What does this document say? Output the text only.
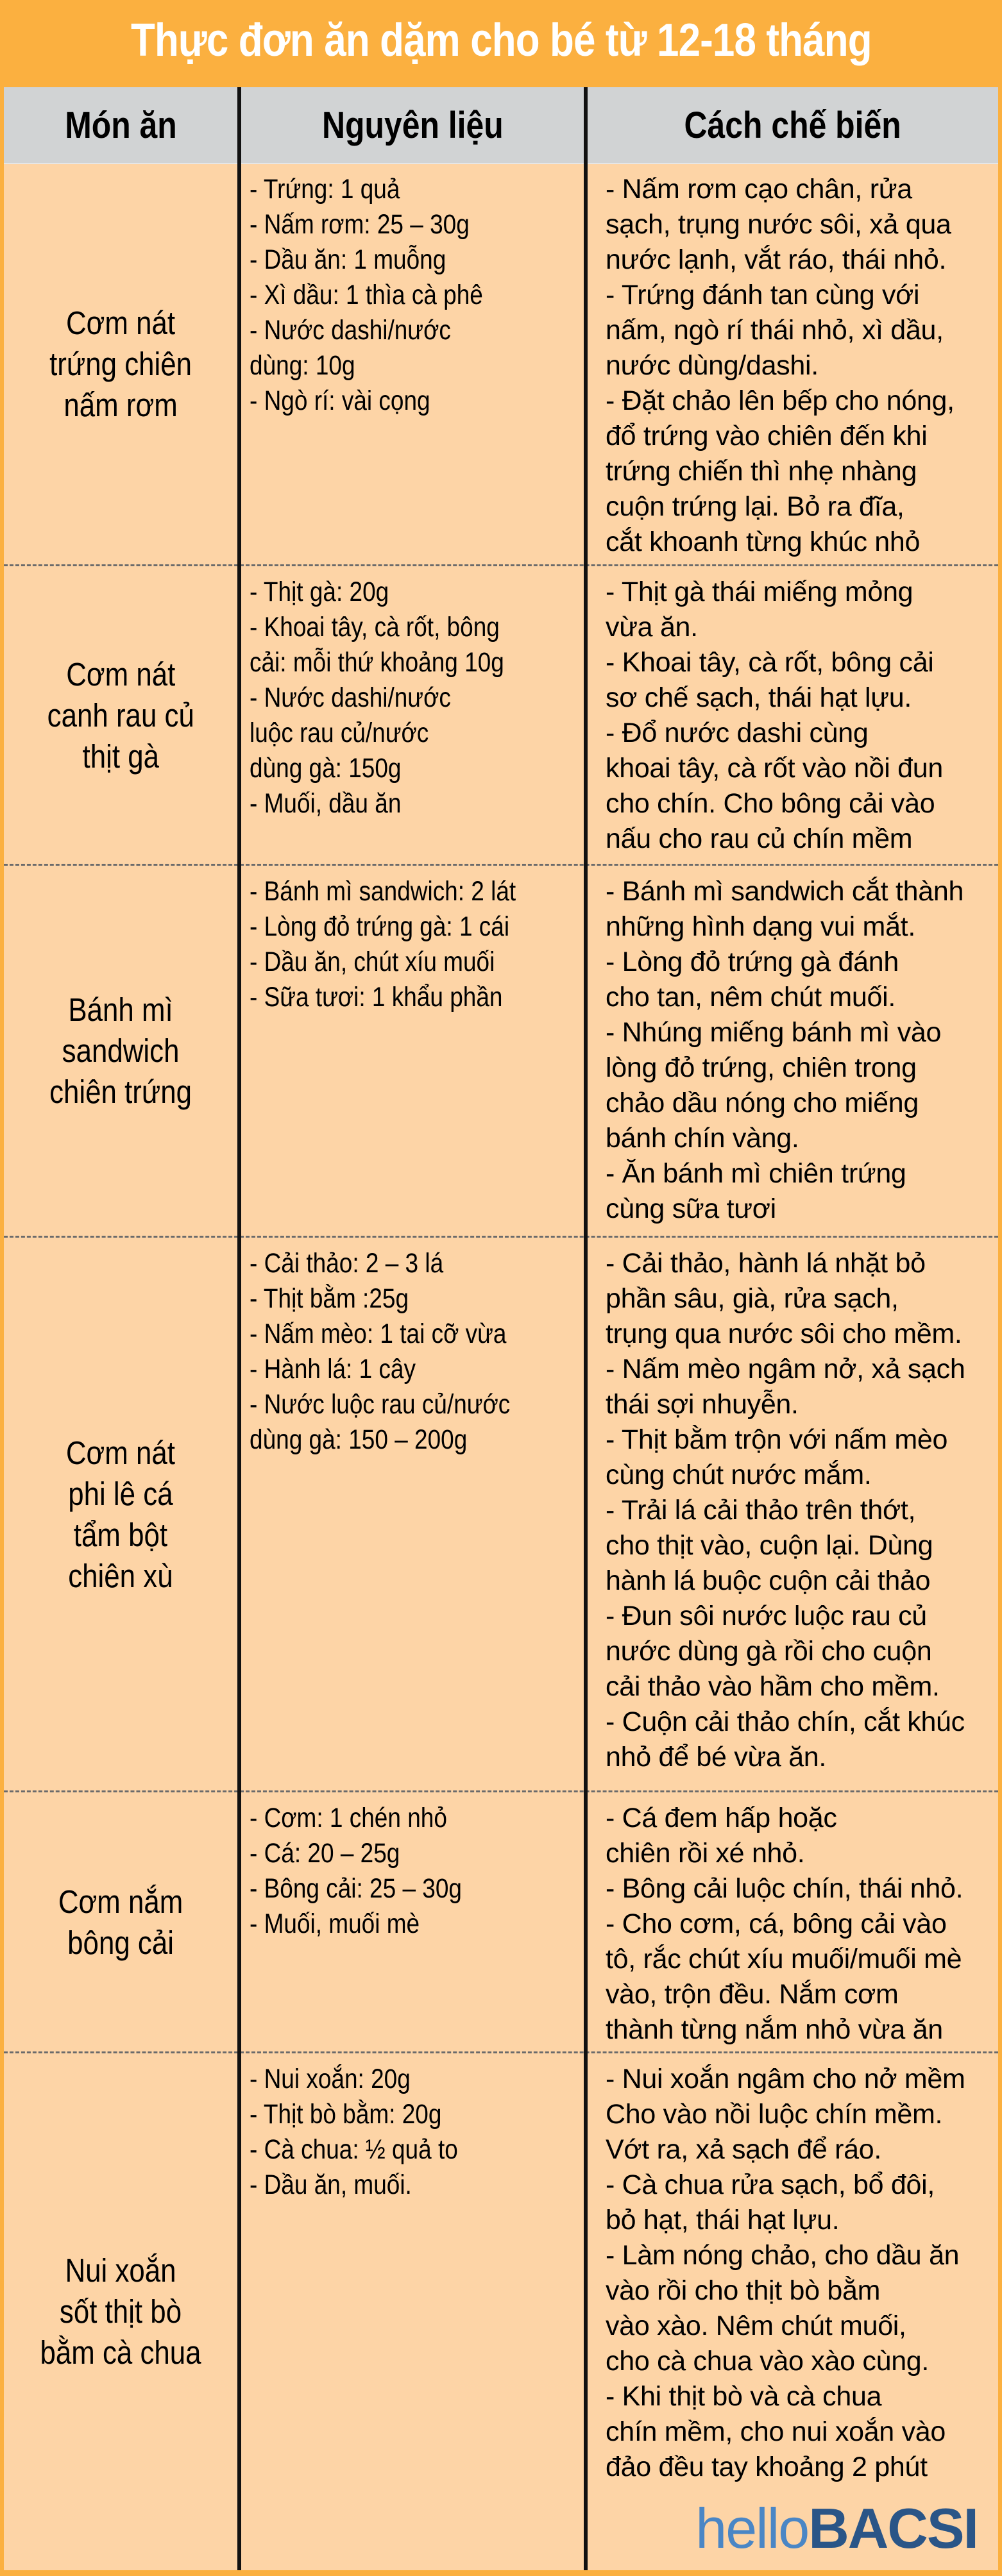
Thực đơn ăn dặm cho bé từ 12-18 tháng
Món ăn	Nguyên liệu	Cách chế biến
Cơm nát
trứng chiên
nấm rơm
- Trứng: 1 quả
- Nấm rơm: 25 – 30g
- Dầu ăn: 1 muỗng
- Xì dầu: 1 thìa cà phê
- Nước dashi/nước
dùng: 10g
- Ngò rí: vài cọng
- Nấm rơm cạo chân, rửa
sạch, trụng nước sôi, xả qua
nước lạnh, vắt ráo, thái nhỏ.
- Trứng đánh tan cùng với
nấm, ngò rí thái nhỏ, xì dầu,
nước dùng/dashi.
- Đặt chảo lên bếp cho nóng,
đổ trứng vào chiên đến khi
trứng chiến thì nhẹ nhàng
cuộn trứng lại. Bỏ ra đĩa,
cắt khoanh từng khúc nhỏ
Cơm nát
canh rau củ
thịt gà
- Thịt gà: 20g
- Khoai tây, cà rốt, bông
cải: mỗi thứ khoảng 10g
- Nước dashi/nước
luộc rau củ/nước
dùng gà: 150g
- Muối, dầu ăn
- Thịt gà thái miếng mỏng
vừa ăn.
- Khoai tây, cà rốt, bông cải
sơ chế sạch, thái hạt lựu.
- Đổ nước dashi cùng
khoai tây, cà rốt vào nồi đun
cho chín. Cho bông cải vào
nấu cho rau củ chín mềm
Bánh mì
sandwich
chiên trứng
- Bánh mì sandwich: 2 lát
- Lòng đỏ trứng gà: 1 cái
- Dầu ăn, chút xíu muối
- Sữa tươi: 1 khẩu phần
- Bánh mì sandwich cắt thành
những hình dạng vui mắt.
- Lòng đỏ trứng gà đánh
cho tan, nêm chút muối.
- Nhúng miếng bánh mì vào
lòng đỏ trứng, chiên trong
chảo dầu nóng cho miếng
bánh chín vàng.
- Ăn bánh mì chiên trứng
cùng sữa tươi
Cơm nát
phi lê cá
tẩm bột
chiên xù
- Cải thảo: 2 – 3 lá
- Thịt bằm :25g
- Nấm mèo: 1 tai cỡ vừa
- Hành lá: 1 cây
- Nước luộc rau củ/nước
dùng gà: 150 – 200g
- Cải thảo, hành lá nhặt bỏ
phần sâu, già, rửa sạch,
trụng qua nước sôi cho mềm.
- Nấm mèo ngâm nở, xả sạch
thái sợi nhuyễn.
- Thịt bằm trộn với nấm mèo
cùng chút nước mắm.
- Trải lá cải thảo trên thớt,
cho thịt vào, cuộn lại. Dùng
hành lá buộc cuộn cải thảo
- Đun sôi nước luộc rau củ
nước dùng gà rồi cho cuộn
cải thảo vào hầm cho mềm.
- Cuộn cải thảo chín, cắt khúc
nhỏ để bé vừa ăn.
Cơm nắm
bông cải
- Cơm: 1 chén nhỏ
- Cá: 20 – 25g
- Bông cải: 25 – 30g
- Muối, muối mè
- Cá đem hấp hoặc
chiên rồi xé nhỏ.
- Bông cải luộc chín, thái nhỏ.
- Cho cơm, cá, bông cải vào
tô, rắc chút xíu muối/muối mè
vào, trộn đều. Nắm cơm
thành từng nắm nhỏ vừa ăn
Nui xoắn
sốt thịt bò
bằm cà chua
- Nui xoắn: 20g
- Thịt bò bằm: 20g
- Cà chua: ½ quả to
- Dầu ăn, muối.
- Nui xoắn ngâm cho nở mềm
Cho vào nồi luộc chín mềm.
Vớt ra, xả sạch để ráo.
- Cà chua rửa sạch, bổ đôi,
bỏ hạt, thái hạt lựu.
- Làm nóng chảo, cho dầu ăn
vào rồi cho thịt bò bằm
vào xào. Nêm chút muối,
cho cà chua vào xào cùng.
- Khi thịt bò và cà chua
chín mềm, cho nui xoắn vào
đảo đều tay khoảng 2 phút
hello BACSI
